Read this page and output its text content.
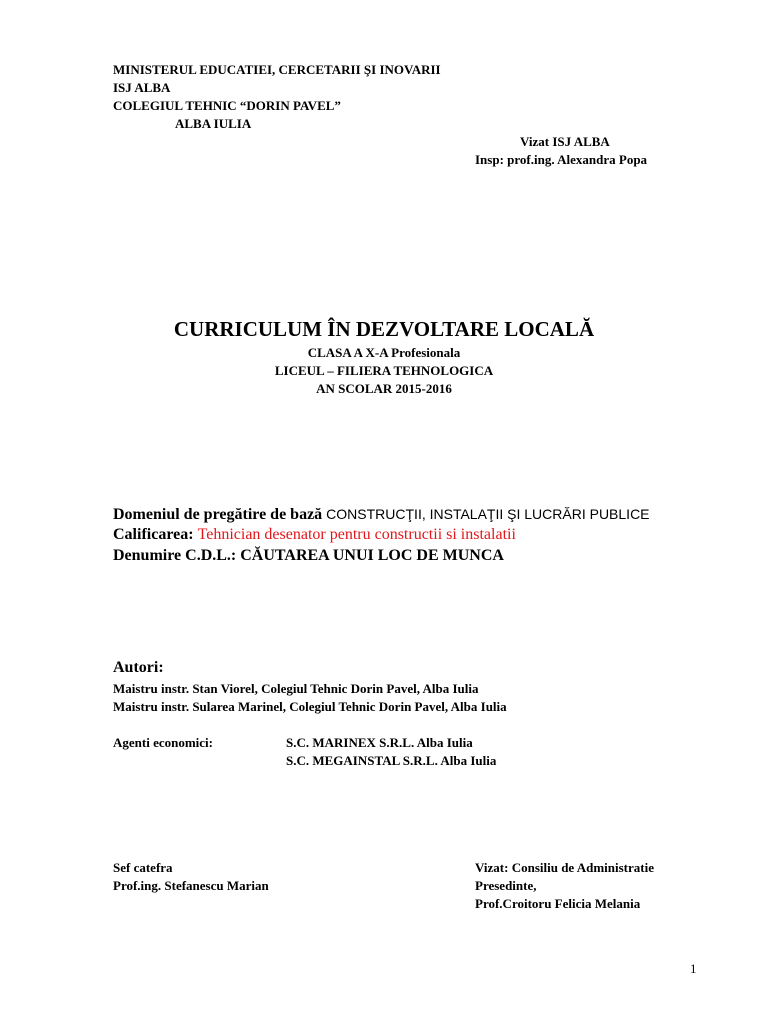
MINISTERUL EDUCATIEI, CERCETARII ŞI INOVARII
ISJ ALBA
COLEGIUL TEHNIC “DORIN PAVEL”
ALBA IULIA
Vizat ISJ ALBA
Insp: prof.ing. Alexandra Popa
CURRICULUM ÎN DEZVOLTARE LOCALĂ
CLASA A X-A Profesionala
LICEUL – FILIERA TEHNOLOGICA
AN SCOLAR 2015-2016
Domeniul de pregătire de bază CONSTRUCŢII, INSTALAŢII ŞI LUCRĂRI PUBLICE
Calificarea: Tehnician desenator pentru constructii si instalatii
Denumire C.D.L.: CĂUTAREA UNUI LOC DE MUNCA
Autori:
Maistru instr. Stan Viorel, Colegiul Tehnic Dorin Pavel, Alba Iulia
Maistru instr. Sularea Marinel, Colegiul Tehnic Dorin Pavel, Alba Iulia
Agenti economici:	S.C. MARINEX S.R.L. Alba Iulia
S.C. MEGAINSTAL S.R.L. Alba Iulia
Sef catefra
Prof.ing. Stefanescu Marian
Vizat: Consiliu de Administratie
Presedinte,
Prof.Croitoru Felicia Melania
1
